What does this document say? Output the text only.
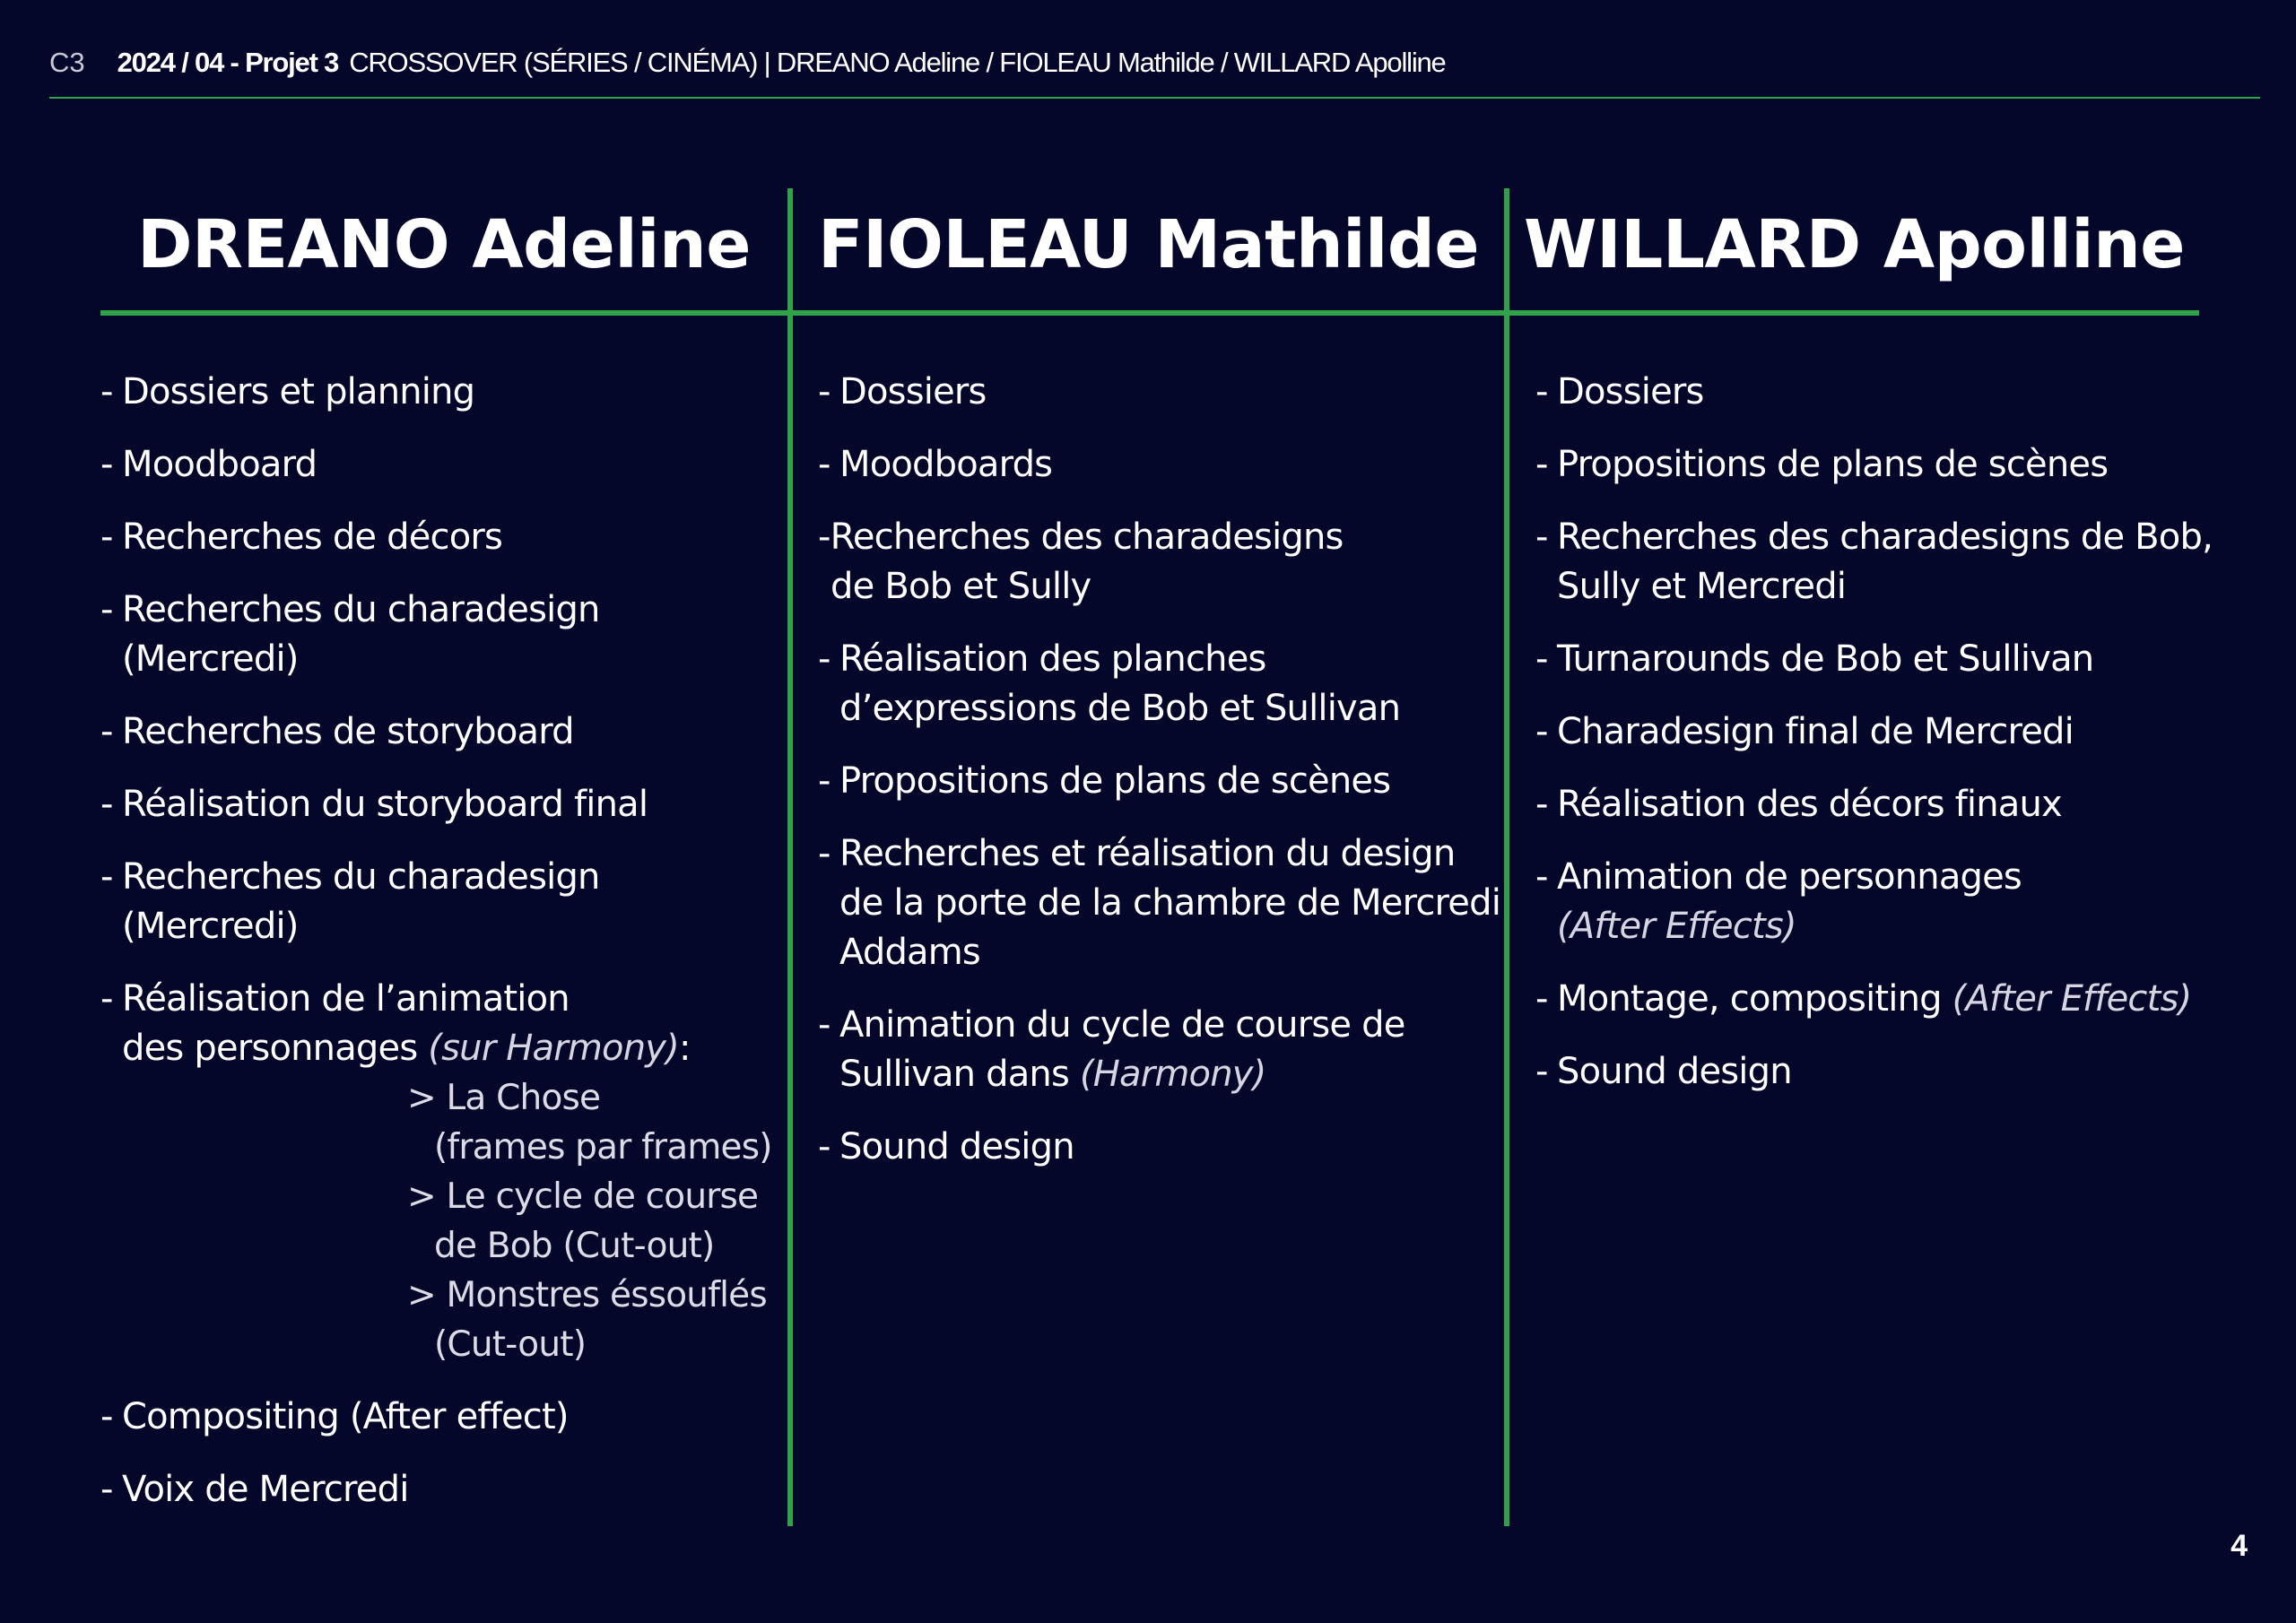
C3 2024 / 04 - Projet 3 CROSSOVER (SÉRIES / CINÉMA) | DREANO Adeline / FIOLEAU Mathilde / WILLARD Apolline
DREANO Adeline	FIOLEAU Mathilde WILLARD Apolline
- Dossiers et planning
- Moodboard
- Recherches de décors
- Recherches du charadesign
(Mercredi)
- Recherches de storyboard
- Réalisation du storyboard final
- Recherches du charadesign
(Mercredi)
- Réalisation de l’animation
des personnages (sur Harmony):
> La Chose
(frames par frames)
> Le cycle de course
de Bob (Cut-out)
> Monstres éssouflés
(Cut-out)
- Compositing (After effect)
- Voix de Mercredi
- Dossiers
- Moodboards
-Recherches des charadesigns
de Bob et Sully
- Réalisation des planches
d’expressions de Bob et Sullivan
- Propositions de plans de scènes
- Recherches et réalisation du design
de la porte de la chambre de Mercredi
Addams
- Animation du cycle de course de
Sullivan dans (Harmony)
- Sound design
- Dossiers
- Propositions de plans de scènes
- Recherches des charadesigns de Bob,
Sully et Mercredi
- Turnarounds de Bob et Sullivan
- Charadesign final de Mercredi
- Réalisation des décors finaux
- Animation de personnages
(After Effects)
- Montage, compositing (After Effects)
- Sound design
4
